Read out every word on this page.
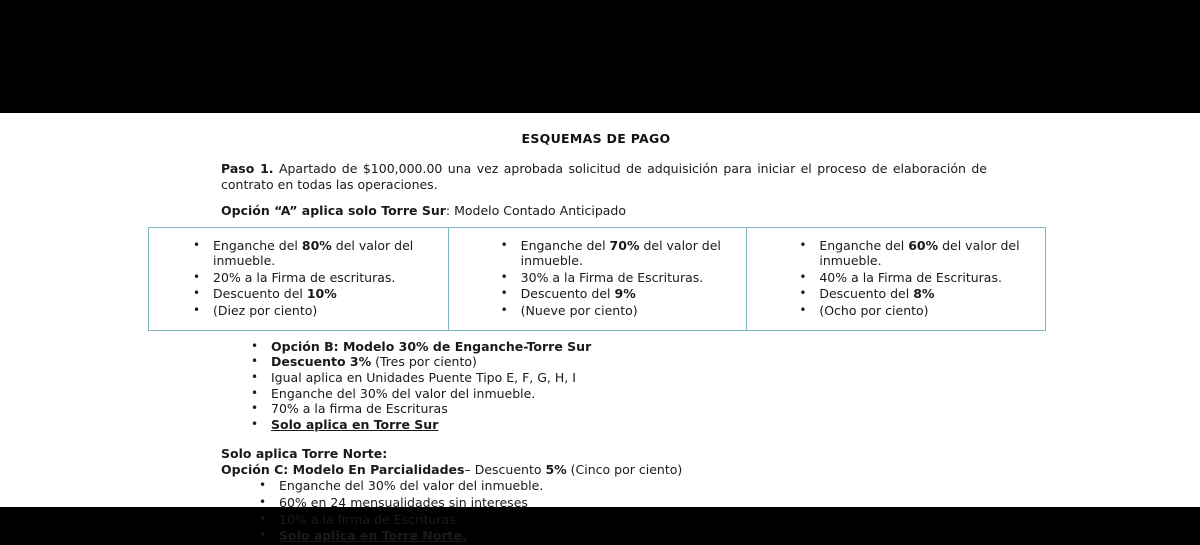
ESQUEMAS DE PAGO

Paso 1. Apartado de $100,000.00 una vez aprobada solicitud de adquisición para iniciar el proceso de elaboración de contrato en todas las operaciones.

Opción “A” aplica solo Torre Sur: Modelo Contado Anticipado
• Enganche del 80% del valor del inmueble.
• 20% a la Firma de escrituras.
• Descuento del 10%
• (Diez por ciento)
• Enganche del 70% del valor del inmueble.
• 30% a la Firma de Escrituras.
• Descuento del 9%
• (Nueve por ciento)
• Enganche del 60% del valor del inmueble.
• 40% a la Firma de Escrituras.
• Descuento del 8%
• (Ocho por ciento)
• Opción B: Modelo 30% de Enganche-Torre Sur
• Descuento 3% (Tres por ciento)
• Igual aplica en Unidades Puente Tipo E, F, G, H, I
• Enganche del 30% del valor del inmueble.
• 70% a la firma de Escrituras
• Solo aplica en Torre Sur
Solo aplica Torre Norte:
Opción C: Modelo En Parcialidades– Descuento 5% (Cinco por ciento)
• Enganche del 30% del valor del inmueble.
• 60% en 24 mensualidades sin intereses
• 10% a la firma de Escrituras.
• Solo aplica en Torre Norte.
